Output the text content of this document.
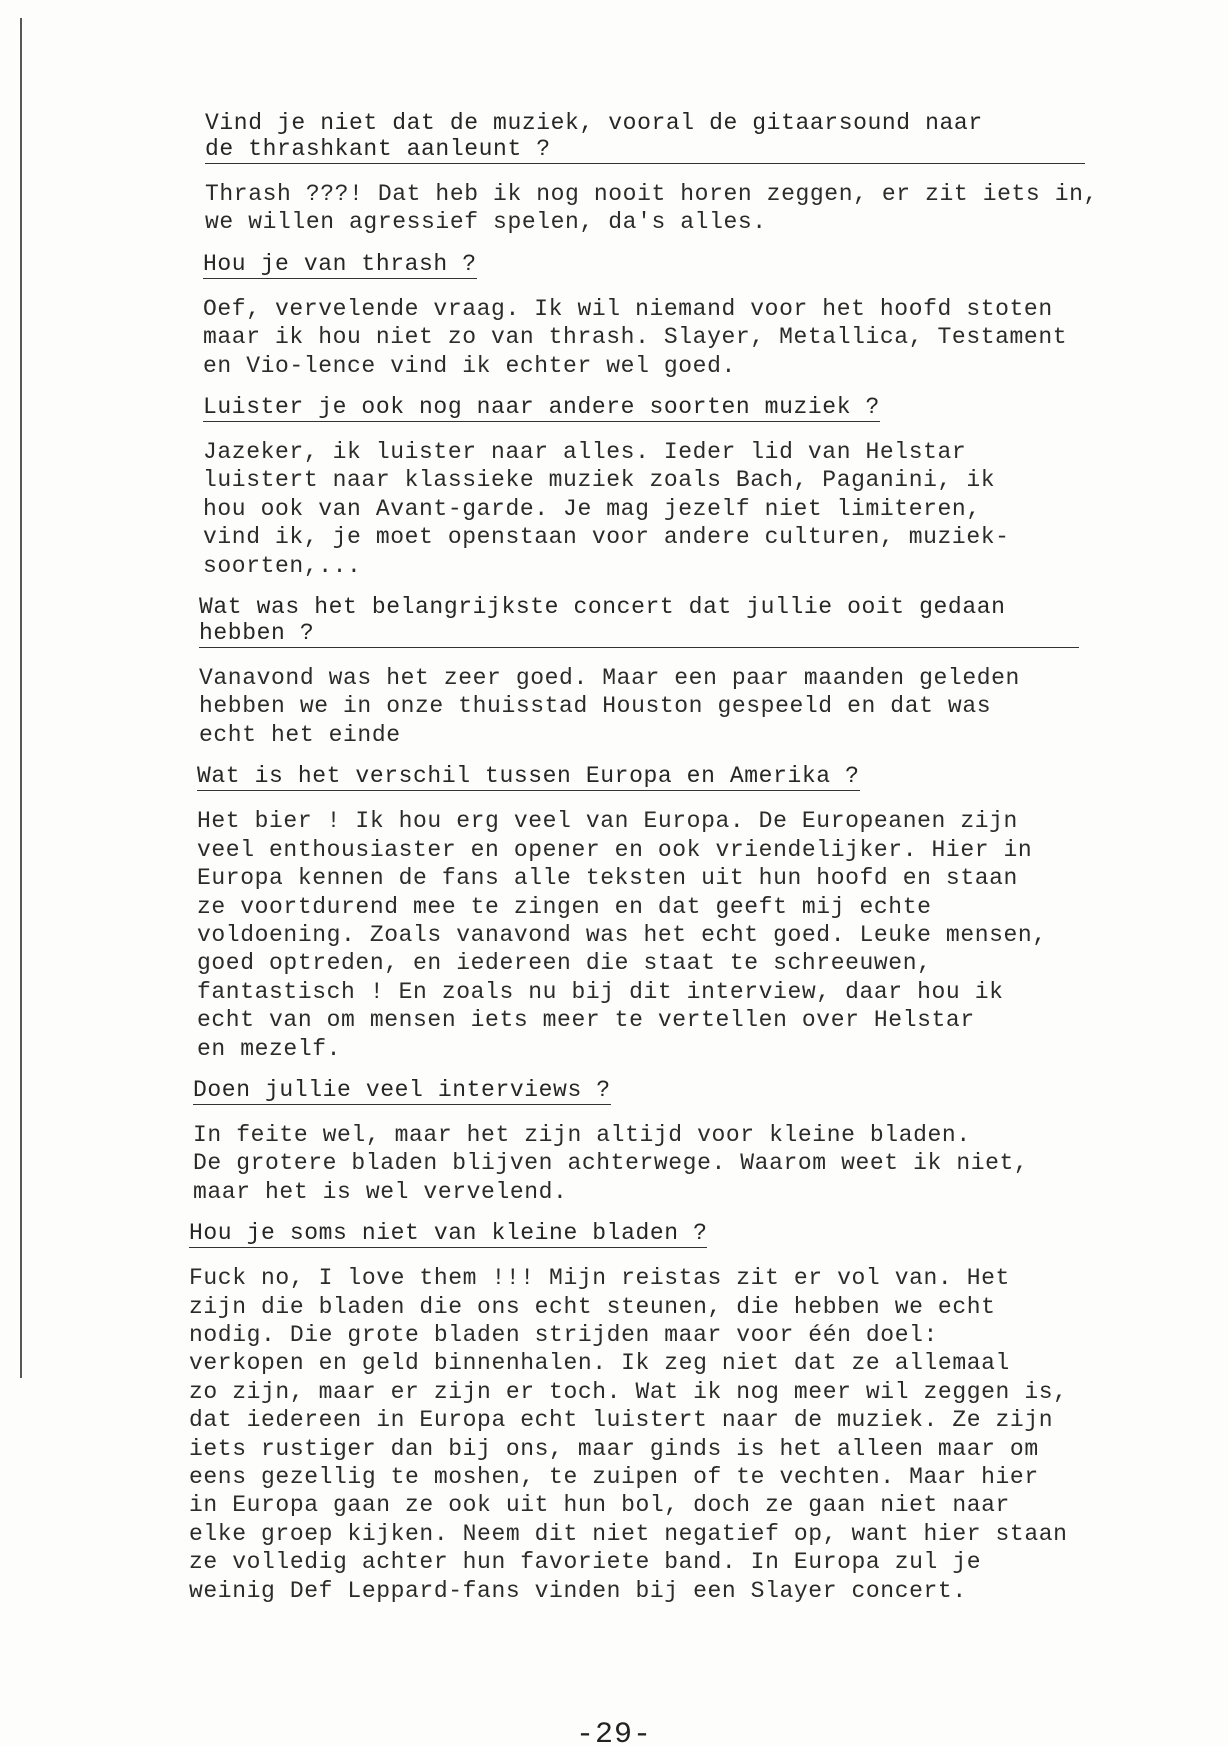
Vind je niet dat de muziek, vooral de gitaarsound naar
de thrashkant aanleunt ?
Thrash ???! Dat heb ik nog nooit horen zeggen, er zit iets in,
we willen agressief spelen, da's alles.
Hou je van thrash ?
Oef, vervelende vraag. Ik wil niemand voor het hoofd stoten
maar ik hou niet zo van thrash. Slayer, Metallica, Testament
en Vio-lence vind ik echter wel goed.
Luister je ook nog naar andere soorten muziek ?
Jazeker, ik luister naar alles. Ieder lid van Helstar
luistert naar klassieke muziek zoals Bach, Paganini, ik
hou ook van Avant-garde. Je mag jezelf niet limiteren,
vind ik, je moet openstaan voor andere culturen, muziek-
soorten,...
Wat was het belangrijkste concert dat jullie ooit gedaan
hebben ?
Vanavond was het zeer goed. Maar een paar maanden geleden
hebben we in onze thuisstad Houston gespeeld en dat was
echt het einde
Wat is het verschil tussen Europa en Amerika ?
Het bier ! Ik hou erg veel van Europa. De Europeanen zijn
veel enthousiaster en opener en ook vriendelijker. Hier in
Europa kennen de fans alle teksten uit hun hoofd en staan
ze voortdurend mee te zingen en dat geeft mij echte
voldoening. Zoals vanavond was het echt goed. Leuke mensen,
goed optreden, en iedereen die staat te schreeuwen,
fantastisch ! En zoals nu bij dit interview, daar hou ik
echt van om mensen iets meer te vertellen over Helstar
en mezelf.
Doen jullie veel interviews ?
In feite wel, maar het zijn altijd voor kleine bladen.
De grotere bladen blijven achterwege. Waarom weet ik niet,
maar het is wel vervelend.
Hou je soms niet van kleine bladen ?
Fuck no, I love them !!! Mijn reistas zit er vol van. Het
zijn die bladen die ons echt steunen, die hebben we echt
nodig. Die grote bladen strijden maar voor één doel:
verkopen en geld binnenhalen. Ik zeg niet dat ze allemaal
zo zijn, maar er zijn er toch. Wat ik nog meer wil zeggen is,
dat iedereen in Europa echt luistert naar de muziek. Ze zijn
iets rustiger dan bij ons, maar ginds is het alleen maar om
eens gezellig te moshen, te zuipen of te vechten. Maar hier
in Europa gaan ze ook uit hun bol, doch ze gaan niet naar
elke groep kijken. Neem dit niet negatief op, want hier staan
ze volledig achter hun favoriete band. In Europa zul je
weinig Def Leppard-fans vinden bij een Slayer concert.
-29-
